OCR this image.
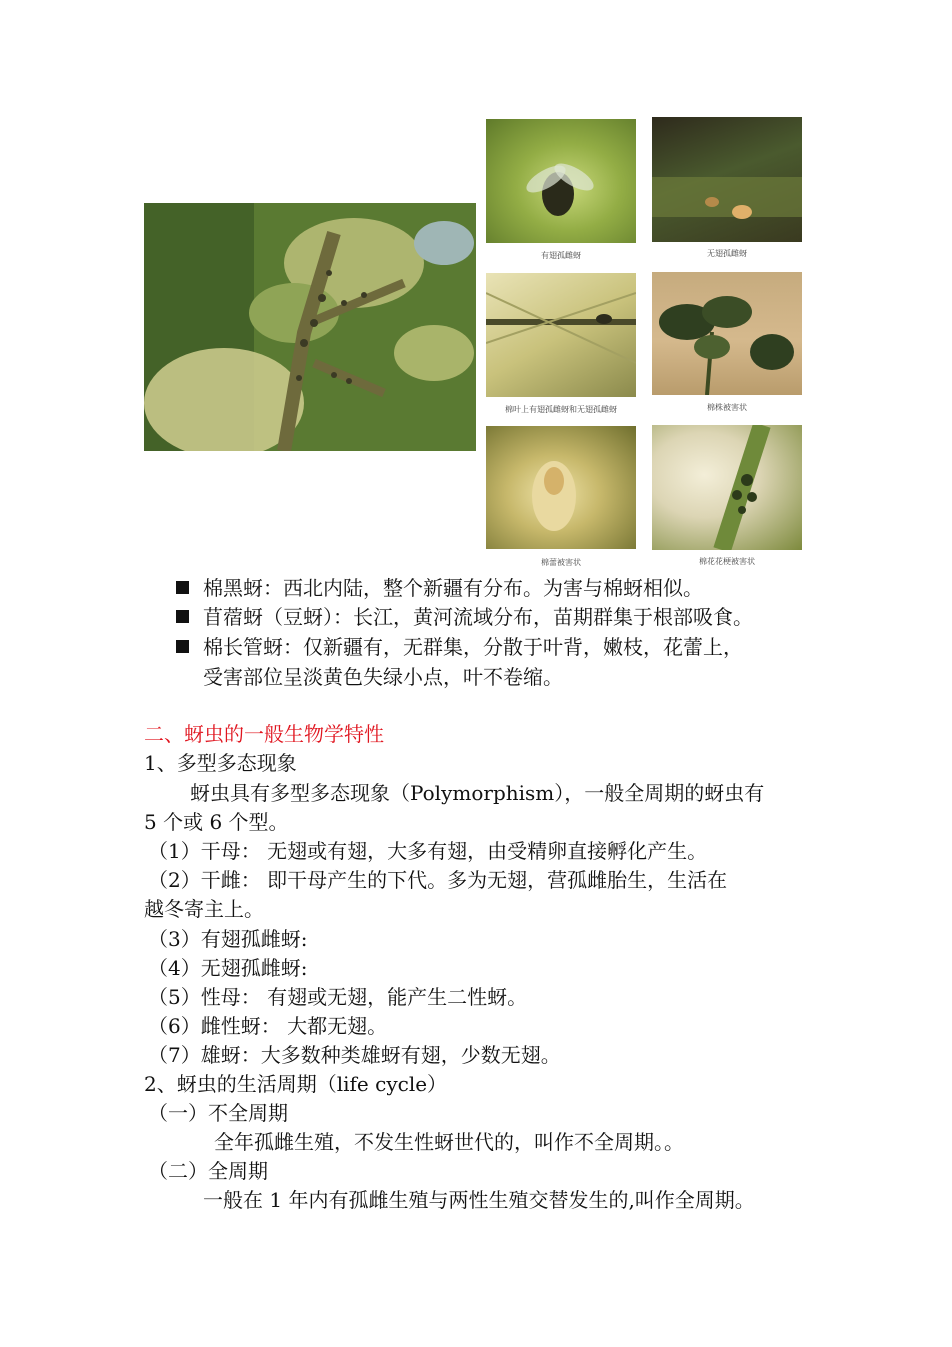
有翅孤雌蚜	无翅孤雌蚜
棉叶上有翅孤雌蚜和无翅孤雌蚜	棉株被害状
棉蕾被害状	棉花花梗被害状
棉黑蚜：西北内陆，整个新疆有分布。为害与棉蚜相似。
苜蓿蚜（豆蚜）：长江，黄河流域分布，苗期群集于根部吸食。
棉长管蚜：仅新疆有，无群集，分散于叶背，嫩枝，花蕾上，
受害部位呈淡黄色失绿小点，叶不卷缩。
二、蚜虫的一般生物学特性
1、多型多态现象
蚜虫具有多型多态现象（Polymorphism），一般全周期的蚜虫有
5 个或 6 个型。
（1）干母： 无翅或有翅，大多有翅，由受精卵直接孵化产生。
（2）干雌： 即干母产生的下代。多为无翅，营孤雌胎生，生活在
越冬寄主上。
（3）有翅孤雌蚜:
（4）无翅孤雌蚜:
（5）性母： 有翅或无翅，能产生二性蚜。
（6）雌性蚜： 大都无翅。
（7）雄蚜：大多数种类雄蚜有翅，少数无翅。
2、蚜虫的生活周期（life cycle）
（一）不全周期
全年孤雌生殖，不发生性蚜世代的，叫作不全周期。。
（二）全周期
一般在 1 年内有孤雌生殖与两性生殖交替发生的,叫作全周期。
